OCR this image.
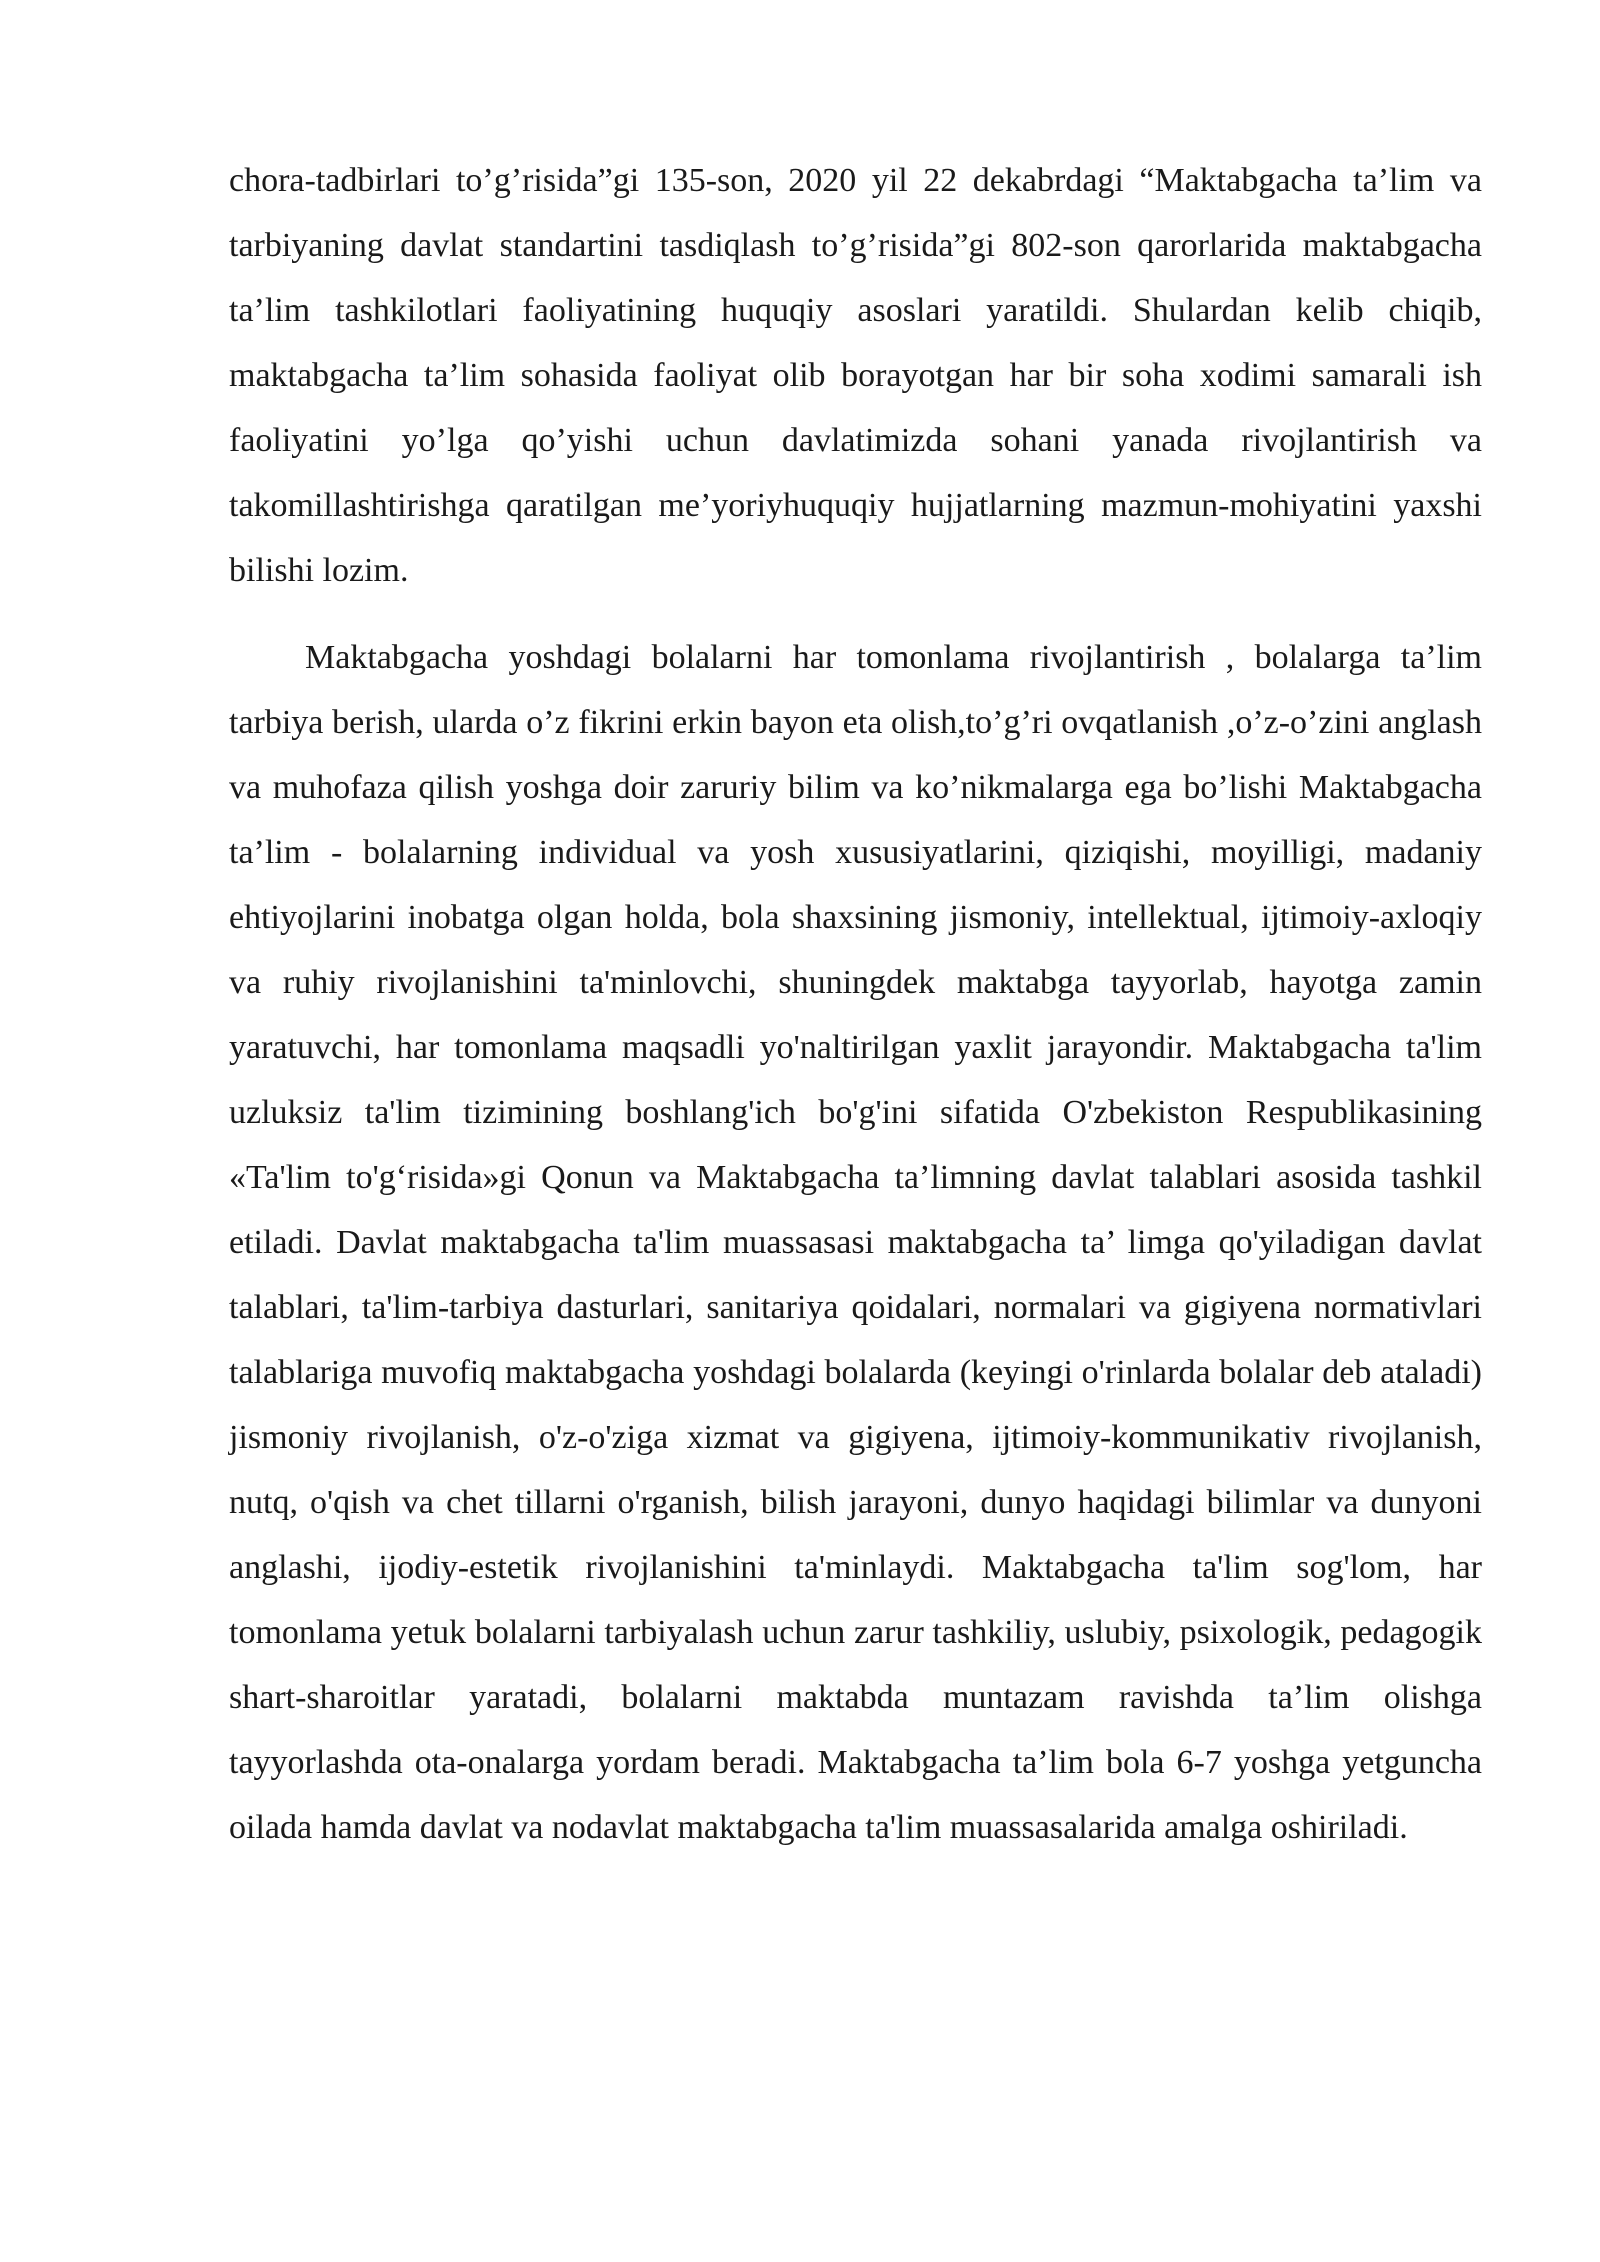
chora-tadbirlari to’g’risida”gi 135-son, 2020 yil 22 dekabrdagi “Maktabgacha ta’lim va tarbiyaning davlat standartini tasdiqlash to’g’risida”gi 802-son qarorlarida maktabgacha ta’lim tashkilotlari faoliyatining huquqiy asoslari yaratildi. Shulardan kelib chiqib, maktabgacha ta’lim sohasida faoliyat olib borayotgan har bir soha xodimi samarali ish faoliyatini yo’lga qo’yishi uchun davlatimizda sohani yanada rivojlantirish va takomillashtirishga qaratilgan me’yoriyhuquqiy hujjatlarning mazmun-mohiyatini yaxshi bilishi lozim.

Maktabgacha yoshdagi bolalarni har tomonlama rivojlantirish , bolalarga ta’lim tarbiya berish, ularda o’z fikrini erkin bayon eta olish,to’g’ri ovqatlanish ,o’z-o’zini anglash va muhofaza qilish yoshga doir zaruriy bilim va ko’nikmalarga ega bo’lishi Maktabgacha ta’lim - bolalarning individual va yosh xususiyatlarini, qiziqishi, moyilligi, madaniy ehtiyojlarini inobatga olgan holda, bola shaxsining jismoniy, intellektual, ijtimoiy-axloqiy va ruhiy rivojlanishini ta'minlovchi, shuningdek maktabga tayyorlab, hayotga zamin yaratuvchi, har tomonlama maqsadli yo'naltirilgan yaxlit jarayondir. Maktabgacha ta'lim uzluksiz ta'lim tizimining boshlang'ich bo'g'ini sifatida O'zbekiston Respublikasining «Ta'lim to'g‘risida»gi Qonun va Maktabgacha ta’limning davlat talablari asosida tashkil etiladi. Davlat maktabgacha ta'lim muassasasi maktabgacha ta’ limga qo'yiladigan davlat talablari, ta'lim-tarbiya dasturlari, sanitariya qoidalari, normalari va gigiyena normativlari talablariga muvofiq maktabgacha yoshdagi bolalarda (keyingi o'rinlarda bolalar deb ataladi) jismoniy rivojlanish, o'z-o'ziga xizmat va gigiyena, ijtimoiy-kommunikativ rivojlanish, nutq, o'qish va chet tillarni o'rganish, bilish jarayoni, dunyo haqidagi bilimlar va dunyoni anglashi, ijodiy-estetik rivojlanishini ta'minlaydi. Maktabgacha ta'lim sog'lom, har tomonlama yetuk bolalarni tarbiyalash uchun zarur tashkiliy, uslubiy, psixologik, pedagogik shart-sharoitlar yaratadi, bolalarni maktabda muntazam ravishda ta’lim olishga tayyorlashda ota-onalarga yordam beradi. Maktabgacha ta’lim bola 6-7 yoshga yetguncha oilada hamda davlat va nodavlat maktabgacha ta'lim muassasalarida amalga oshiriladi.
